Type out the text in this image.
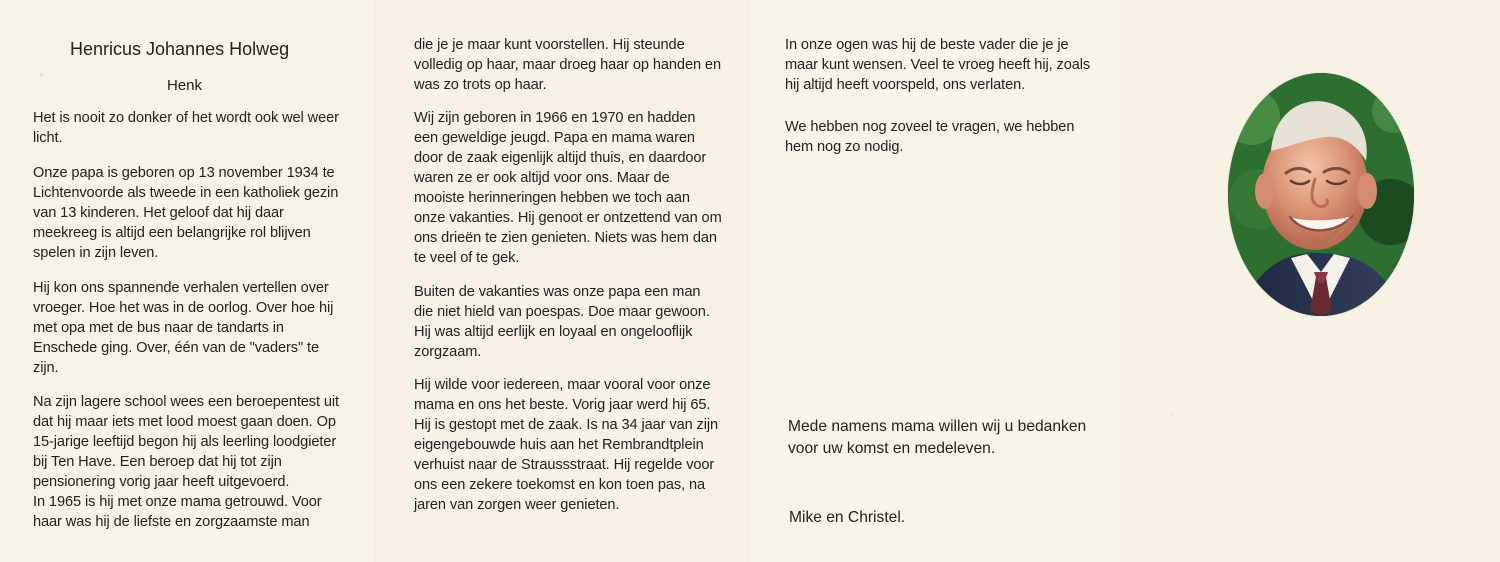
Henricus Johannes Holweg
Henk
Het is nooit zo donker of het wordt ook wel weer
licht.
Onze papa is geboren op 13 november 1934 te
Lichtenvoorde als tweede in een katholiek gezin
van 13 kinderen. Het geloof dat hij daar
meekreeg is altijd een belangrijke rol blijven
spelen in zijn leven.
Hij kon ons spannende verhalen vertellen over
vroeger. Hoe het was in de oorlog. Over hoe hij
met opa met de bus naar de tandarts in
Enschede ging. Over, één van de "vaders" te
zijn.
Na zijn lagere school wees een beroepentest uit
dat hij maar iets met lood moest gaan doen. Op
15-jarige leeftijd begon hij als leerling loodgieter
bij Ten Have. Een beroep dat hij tot zijn
pensionering vorig jaar heeft uitgevoerd.
In 1965 is hij met onze mama getrouwd. Voor
haar was hij de liefste en zorgzaamste man
die je je maar kunt voorstellen. Hij steunde
volledig op haar, maar droeg haar op handen en
was zo trots op haar.
Wij zijn geboren in 1966 en 1970 en hadden
een geweldige jeugd. Papa en mama waren
door de zaak eigenlijk altijd thuis, en daardoor
waren ze er ook altijd voor ons. Maar de
mooiste herinneringen hebben we toch aan
onze vakanties. Hij genoot er ontzettend van om
ons drieën te zien genieten. Niets was hem dan
te veel of te gek.
Buiten de vakanties was onze papa een man
die niet hield van poespas. Doe maar gewoon.
Hij was altijd eerlijk en loyaal en ongelooflijk
zorgzaam.
Hij wilde voor iedereen, maar vooral voor onze
mama en ons het beste. Vorig jaar werd hij 65.
Hij is gestopt met de zaak. Is na 34 jaar van zijn
eigengebouwde huis aan het Rembrandtplein
verhuist naar de Straussstraat. Hij regelde voor
ons een zekere toekomst en kon toen pas, na
jaren van zorgen weer genieten.
In onze ogen was hij de beste vader die je je
maar kunt wensen. Veel te vroeg heeft hij, zoals
hij altijd heeft voorspeld, ons verlaten.
We hebben nog zoveel te vragen, we hebben
hem nog zo nodig.
Mede namens mama willen wij u bedanken
voor uw komst en medeleven.
Mike en Christel.
